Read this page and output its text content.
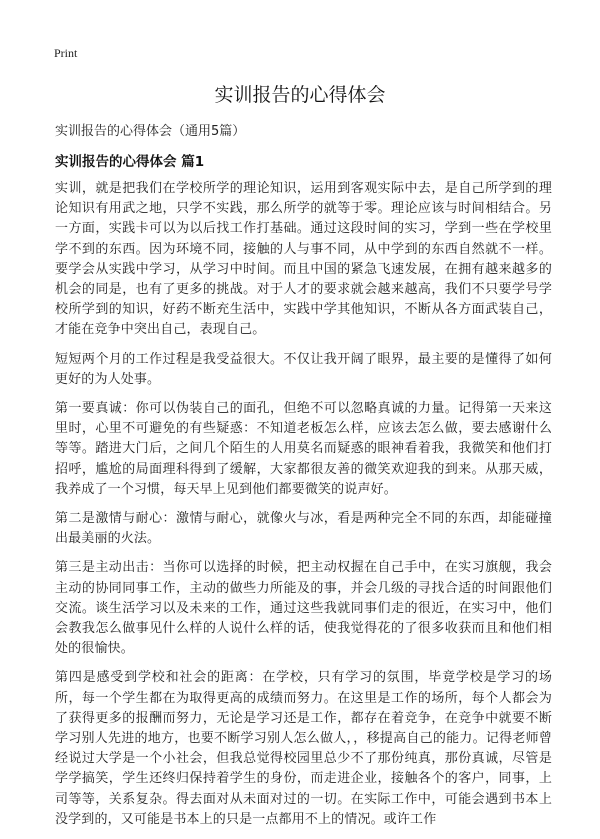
Print
实训报告的心得体会
实训报告的心得体会（通用5篇）
实训报告的心得体会 篇1

实训，就是把我们在学校所学的理论知识，运用到客观实际中去，是自己所学到的理论知识有用武之地，只学不实践，那么所学的就等于零。理论应该与时间相结合。另一方面，实践卡可以为以后找工作打基础。通过这段时间的实习，学到一些在学校里学不到的东西。因为环境不同，接触的人与事不同，从中学到的东西自然就不一样。要学会从实践中学习，从学习中时间。而且中国的紧急飞速发展，在拥有越来越多的机会的同是，也有了更多的挑战。对于人才的要求就会越来越高，我们不只要学号学校所学到的知识，好药不断充生活中，实践中学其他知识，不断从各方面武装自己，才能在竞争中突出自己，表现自己。

短短两个月的工作过程是我受益很大。不仅让我开阔了眼界，最主要的是懂得了如何更好的为人处事。

第一要真诚：你可以伪装自己的面孔，但绝不可以忽略真诚的力量。记得第一天来这里时，心里不可避免的有些疑惑：不知道老板怎么样，应该去怎么做，要去感谢什么等等。踏进大门后，之间几个陌生的人用莫名而疑惑的眼神看着我，我微笑和他们打招呼，尴尬的局面理科得到了缓解，大家都很友善的微笑欢迎我的到来。从那天威，我养成了一个习惯，每天早上见到他们都要微笑的说声好。

第二是激情与耐心：激情与耐心，就像火与冰，看是两种完全不同的东西，却能碰撞出最美丽的火法。

第三是主动出击：当你可以选择的时候，把主动权握在自己手中，在实习旗舰，我会主动的协同同事工作，主动的做些力所能及的事，并会几级的寻找合适的时间跟他们交流。谈生活学习以及未来的工作，通过这些我就同事们走的很近，在实习中，他们会教我怎么做事见什么样的人说什么样的话，使我觉得花的了很多收获而且和他们相处的很愉快。

第四是感受到学校和社会的距离：在学校，只有学习的氛围，毕竟学校是学习的场所，每一个学生都在为取得更高的成绩而努力。在这里是工作的场所，每个人都会为了获得更多的报酬而努力，无论是学习还是工作，都存在着竞争，在竞争中就要不断学习别人先进的地方，也要不断学习别人怎么做人，，移提高自己的能力。记得老师曾经说过大学是一个小社会，但我总觉得校园里总少不了那份纯真，那份真诚，尽管是学学搞笑，学生还终归保持着学生的身份，而走进企业，接触各个的客户，同事，上司等等，关系复杂。得去面对从未面对过的一切。在实际工作中，可能会遇到书本上没学到的，又可能是书本上的只是一点都用不上的情况。或许工作
